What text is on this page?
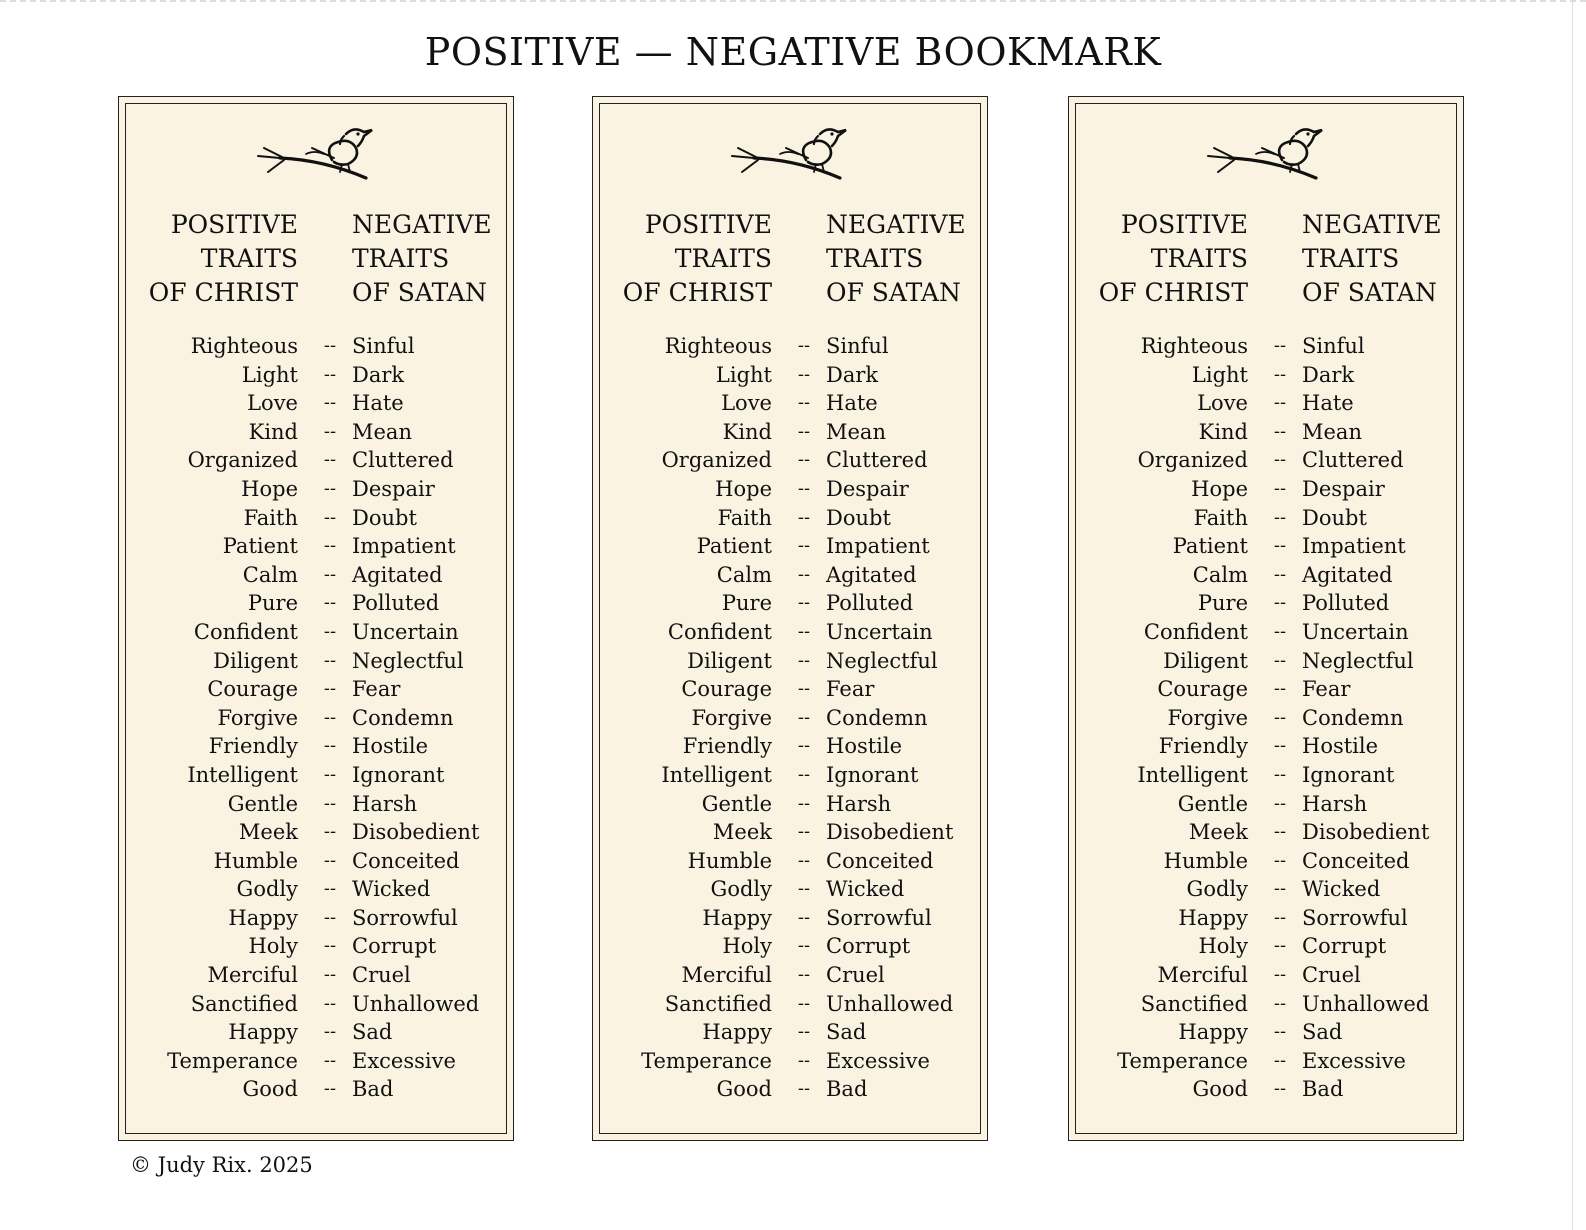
POSITIVE — NEGATIVE BOOKMARK
POSITIVE
TRAITS
OF CHRIST
NEGATIVE
TRAITS
OF SATAN
Righteous	-- Sinful
Light	-- Dark
Love	-- Hate
Kind	-- Mean
Organized	-- Cluttered
Hope	-- Despair
Faith	-- Doubt
Patient	-- Impatient
Calm	-- Agitated
Pure	-- Polluted
Confident	-- Uncertain
Diligent	-- Neglectful
Courage	-- Fear
Forgive	-- Condemn
Friendly	-- Hostile
Intelligent	-- Ignorant
Gentle	-- Harsh
Meek	-- Disobedient
Humble	-- Conceited
Godly	-- Wicked
Happy	-- Sorrowful
Holy	-- Corrupt
Merciful	-- Cruel
Sanctified	-- Unhallowed
Happy	-- Sad
Temperance	-- Excessive
Good	-- Bad
POSITIVE
TRAITS
OF CHRIST
NEGATIVE
TRAITS
OF SATAN
Righteous	-- Sinful
Light	-- Dark
Love	-- Hate
Kind	-- Mean
Organized	-- Cluttered
Hope	-- Despair
Faith	-- Doubt
Patient	-- Impatient
Calm	-- Agitated
Pure	-- Polluted
Confident	-- Uncertain
Diligent	-- Neglectful
Courage	-- Fear
Forgive	-- Condemn
Friendly	-- Hostile
Intelligent	-- Ignorant
Gentle	-- Harsh
Meek	-- Disobedient
Humble	-- Conceited
Godly	-- Wicked
Happy	-- Sorrowful
Holy	-- Corrupt
Merciful	-- Cruel
Sanctified	-- Unhallowed
Happy	-- Sad
Temperance	-- Excessive
Good	-- Bad
POSITIVE
TRAITS
OF CHRIST
NEGATIVE
TRAITS
OF SATAN
Righteous	-- Sinful
Light	-- Dark
Love	-- Hate
Kind	-- Mean
Organized	-- Cluttered
Hope	-- Despair
Faith	-- Doubt
Patient	-- Impatient
Calm	-- Agitated
Pure	-- Polluted
Confident	-- Uncertain
Diligent	-- Neglectful
Courage	-- Fear
Forgive	-- Condemn
Friendly	-- Hostile
Intelligent	-- Ignorant
Gentle	-- Harsh
Meek	-- Disobedient
Humble	-- Conceited
Godly	-- Wicked
Happy	-- Sorrowful
Holy	-- Corrupt
Merciful	-- Cruel
Sanctified	-- Unhallowed
Happy	-- Sad
Temperance	-- Excessive
Good	-- Bad
© Judy Rix. 2025
